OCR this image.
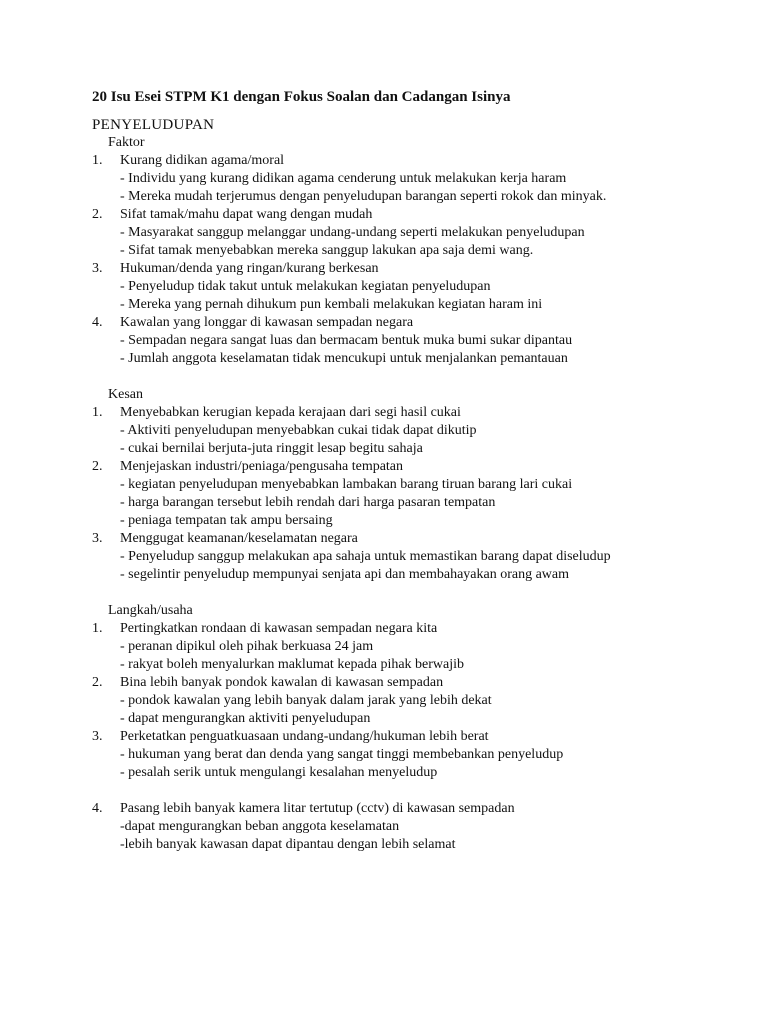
20 Isu Esei STPM K1 dengan Fokus Soalan dan Cadangan Isinya
PENYELUDUPAN
Faktor
1. Kurang didikan agama/moral
- Individu yang kurang didikan agama cenderung untuk melakukan kerja haram
- Mereka mudah terjerumus dengan penyeludupan barangan seperti rokok dan minyak.
2. Sifat tamak/mahu dapat wang dengan mudah
- Masyarakat sanggup melanggar undang-undang seperti melakukan penyeludupan
- Sifat tamak menyebabkan mereka sanggup lakukan apa saja demi wang.
3. Hukuman/denda yang ringan/kurang berkesan
- Penyeludup tidak takut untuk melakukan kegiatan penyeludupan
- Mereka yang pernah dihukum pun kembali melakukan kegiatan haram ini
4. Kawalan yang longgar di kawasan sempadan negara
- Sempadan negara sangat luas dan bermacam bentuk muka bumi sukar dipantau
- Jumlah anggota keselamatan tidak mencukupi untuk menjalankan pemantauan
Kesan
1. Menyebabkan kerugian kepada kerajaan dari segi hasil cukai
- Aktiviti penyeludupan menyebabkan cukai tidak dapat dikutip
- cukai bernilai berjuta-juta ringgit lesap begitu sahaja
2. Menjejaskan industri/peniaga/pengusaha tempatan
- kegiatan penyeludupan menyebabkan lambakan barang tiruan barang lari cukai
- harga barangan tersebut lebih rendah dari harga pasaran tempatan
- peniaga tempatan tak ampu bersaing
3. Menggugat keamanan/keselamatan negara
- Penyeludup sanggup melakukan apa sahaja untuk memastikan barang dapat diseludup
- segelintir penyeludup mempunyai senjata api dan membahayakan orang awam
Langkah/usaha
1. Pertingkatkan rondaan di kawasan sempadan negara kita
- peranan dipikul oleh pihak berkuasa 24 jam
- rakyat boleh menyalurkan maklumat kepada pihak berwajib
2. Bina lebih banyak pondok kawalan di kawasan sempadan
- pondok kawalan yang lebih banyak dalam jarak yang lebih dekat
- dapat mengurangkan aktiviti penyeludupan
3. Perketatkan penguatkuasaan undang-undang/hukuman lebih berat
- hukuman yang berat dan denda yang sangat tinggi membebankan penyeludup
- pesalah serik untuk mengulangi kesalahan menyeludup
4. Pasang lebih banyak kamera litar tertutup (cctv) di kawasan sempadan
-dapat mengurangkan beban anggota keselamatan
-lebih banyak kawasan dapat dipantau dengan lebih selamat
